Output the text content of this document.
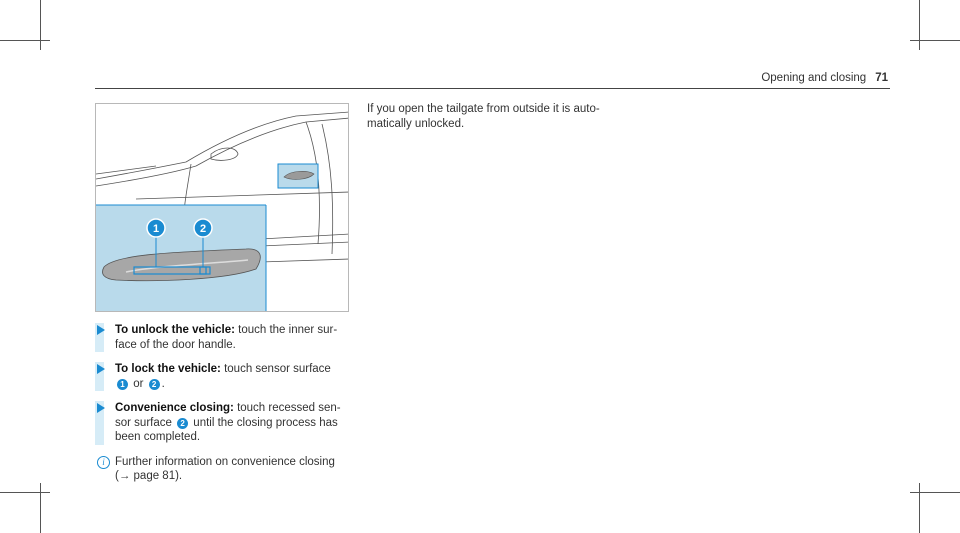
Opening and closing 71
1	2
To unlock the vehicle: touch the inner sur-face of the door handle.
To lock the vehicle: touch sensor surface
1 or 2 .
Convenience closing: touch recessed sen-sor surface 2 until the closing process has been completed.
i Further information on convenience closing
(→ page 81).

If you open the tailgate from outside it is auto-matically unlocked.
